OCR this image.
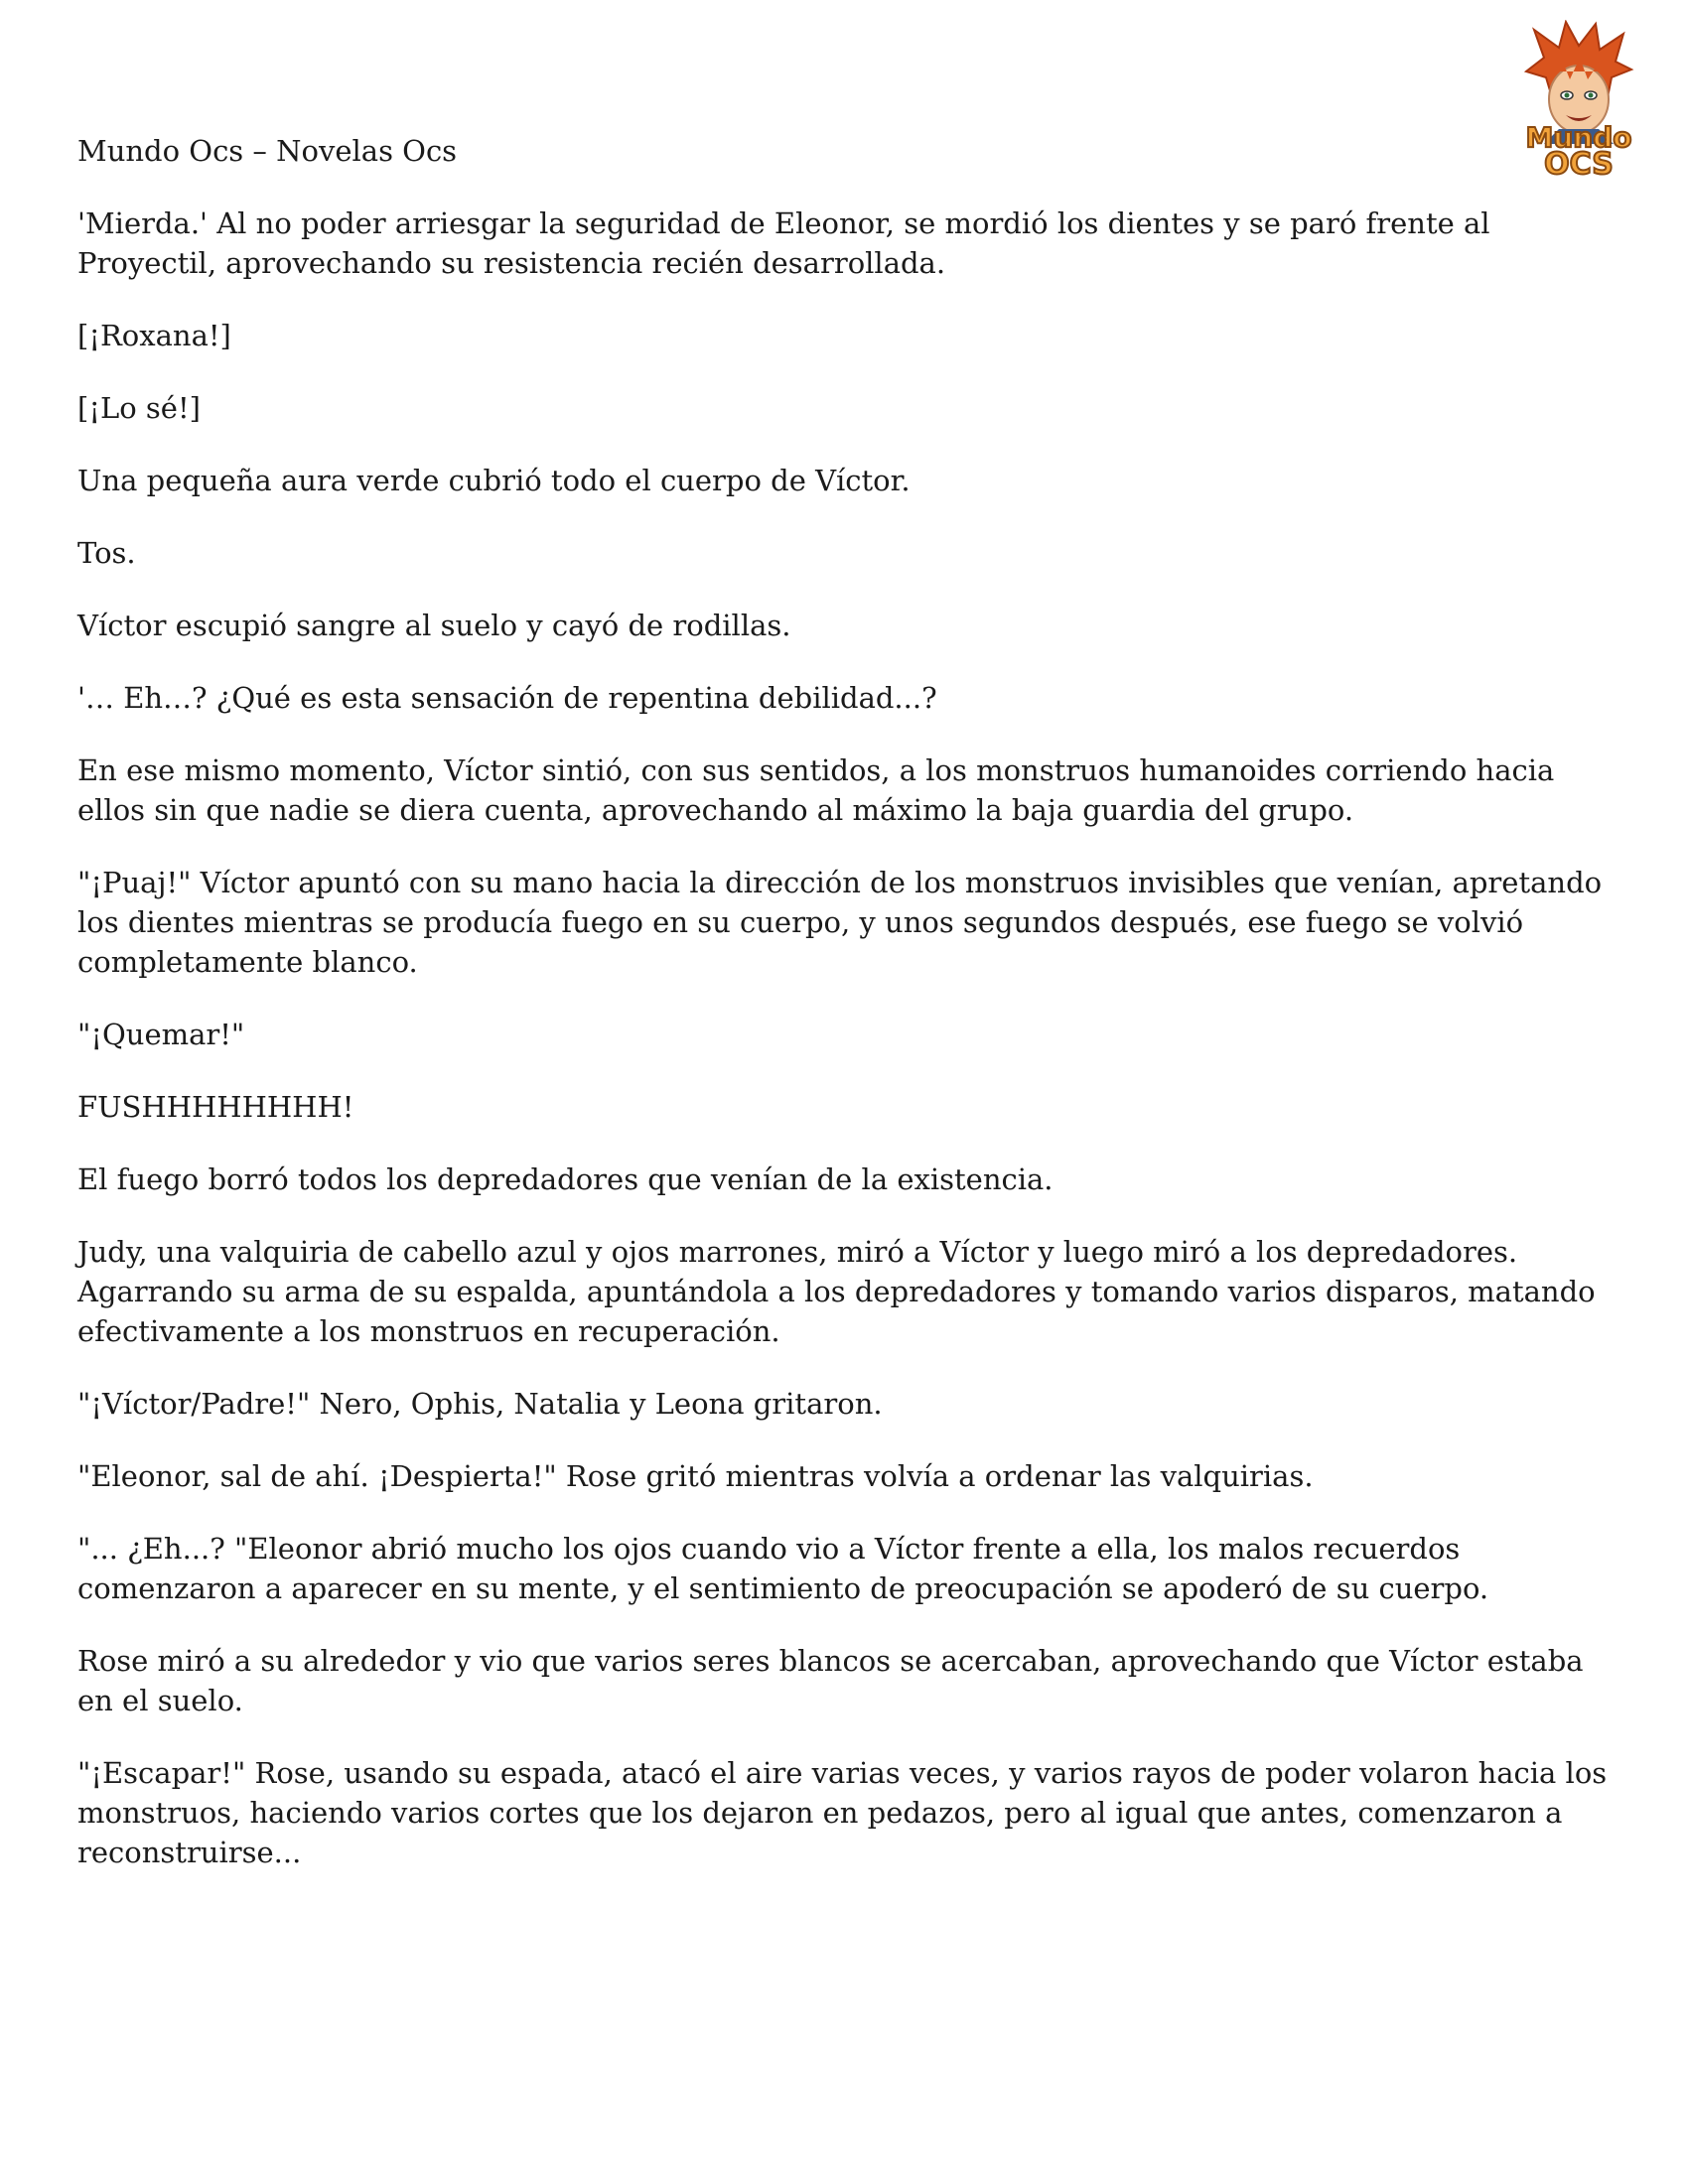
Mundo
OCS
Mundo Ocs – Novelas Ocs

'Mierda.' Al no poder arriesgar la seguridad de Eleonor, se mordió los dientes y se paró frente al Proyectil, aprovechando su resistencia recién desarrollada.

[¡Roxana!]

[¡Lo sé!]

Una pequeña aura verde cubrió todo el cuerpo de Víctor.

Tos.

Víctor escupió sangre al suelo y cayó de rodillas.

'… Eh…? ¿Qué es esta sensación de repentina debilidad...?

En ese mismo momento, Víctor sintió, con sus sentidos, a los monstruos humanoides corriendo hacia ellos sin que nadie se diera cuenta, aprovechando al máximo la baja guardia del grupo.

"¡Puaj!" Víctor apuntó con su mano hacia la dirección de los monstruos invisibles que venían, apretando los dientes mientras se producía fuego en su cuerpo, y unos segundos después, ese fuego se volvió completamente blanco.

"¡Quemar!"

FUSHHHHHHHH!

El fuego borró todos los depredadores que venían de la existencia.

Judy, una valquiria de cabello azul y ojos marrones, miró a Víctor y luego miró a los depredadores. Agarrando su arma de su espalda, apuntándola a los depredadores y tomando varios disparos, matando efectivamente a los monstruos en recuperación.

"¡Víctor/Padre!" Nero, Ophis, Natalia y Leona gritaron.

"Eleonor, sal de ahí. ¡Despierta!" Rose gritó mientras volvía a ordenar las valquirias.

"... ¿Eh...? "Eleonor abrió mucho los ojos cuando vio a Víctor frente a ella, los malos recuerdos comenzaron a aparecer en su mente, y el sentimiento de preocupación se apoderó de su cuerpo.

Rose miró a su alrededor y vio que varios seres blancos se acercaban, aprovechando que Víctor estaba en el suelo.

"¡Escapar!" Rose, usando su espada, atacó el aire varias veces, y varios rayos de poder volaron hacia los monstruos, haciendo varios cortes que los dejaron en pedazos, pero al igual que antes, comenzaron a reconstruirse...
